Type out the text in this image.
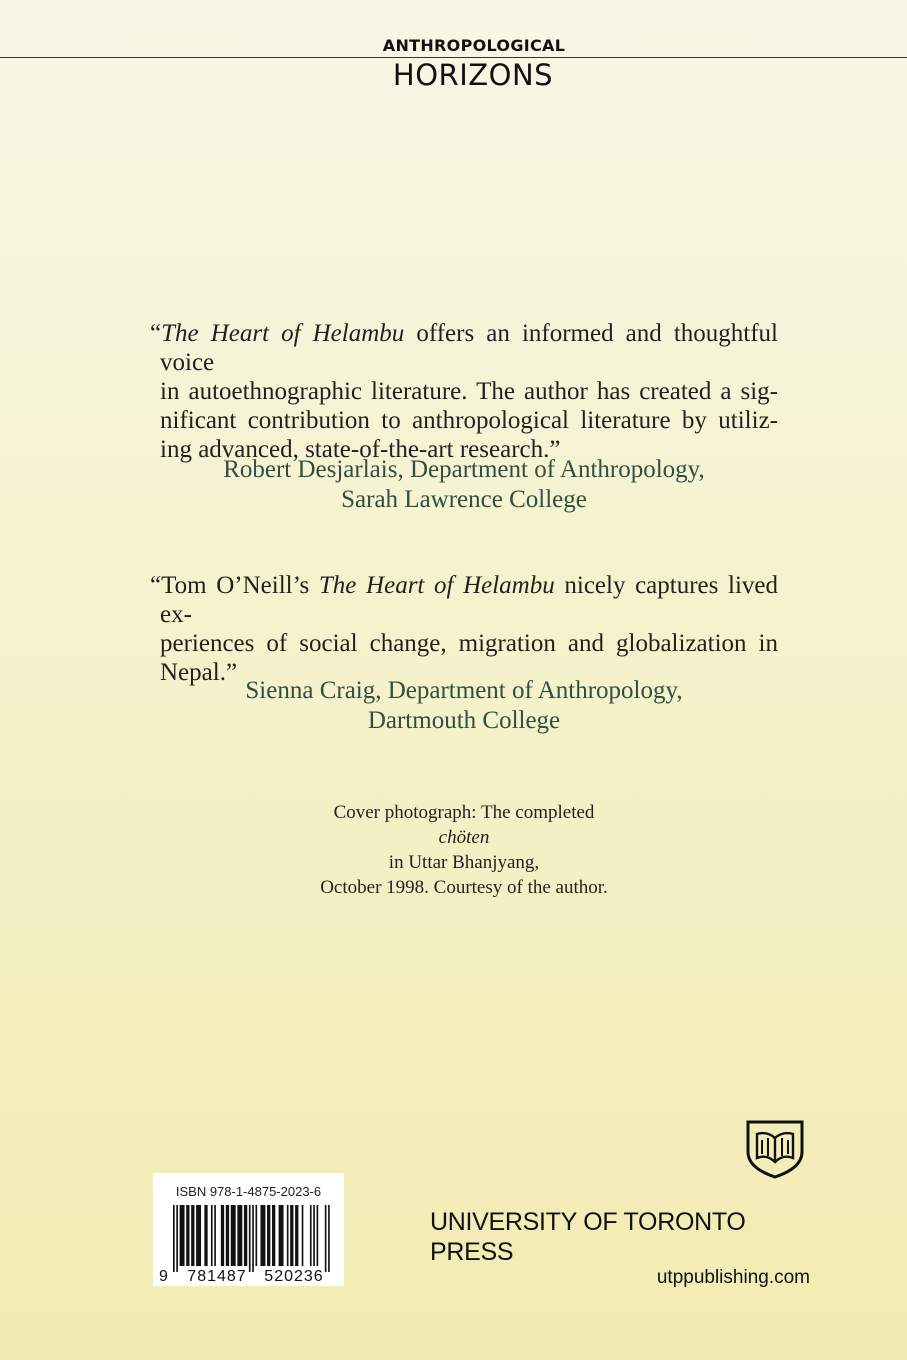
ANTHROPOLOGICAL
HORIZONS

“The Heart of Helambu offers an informed and thoughtful voice
in autoethnographic literature. The author has created a sig-
nificant contribution to anthropological literature by utiliz-
ing advanced, state-of-the-art research.”

Robert Desjarlais, Department of Anthropology,
Sarah Lawrence College

“Tom O’Neill’s The Heart of Helambu nicely captures lived ex-
periences of social change, migration and globalization in
Nepal.”

Sienna Craig, Department of Anthropology,
Dartmouth College

Cover photograph: The completed
chöten
in Uttar Bhanjyang,
October 1998. Courtesy of the author.

ISBN 978-1-4875-2023-6
9 781487 520236
UNIVERSITY OF TORONTO PRESS
utppublishing.com
